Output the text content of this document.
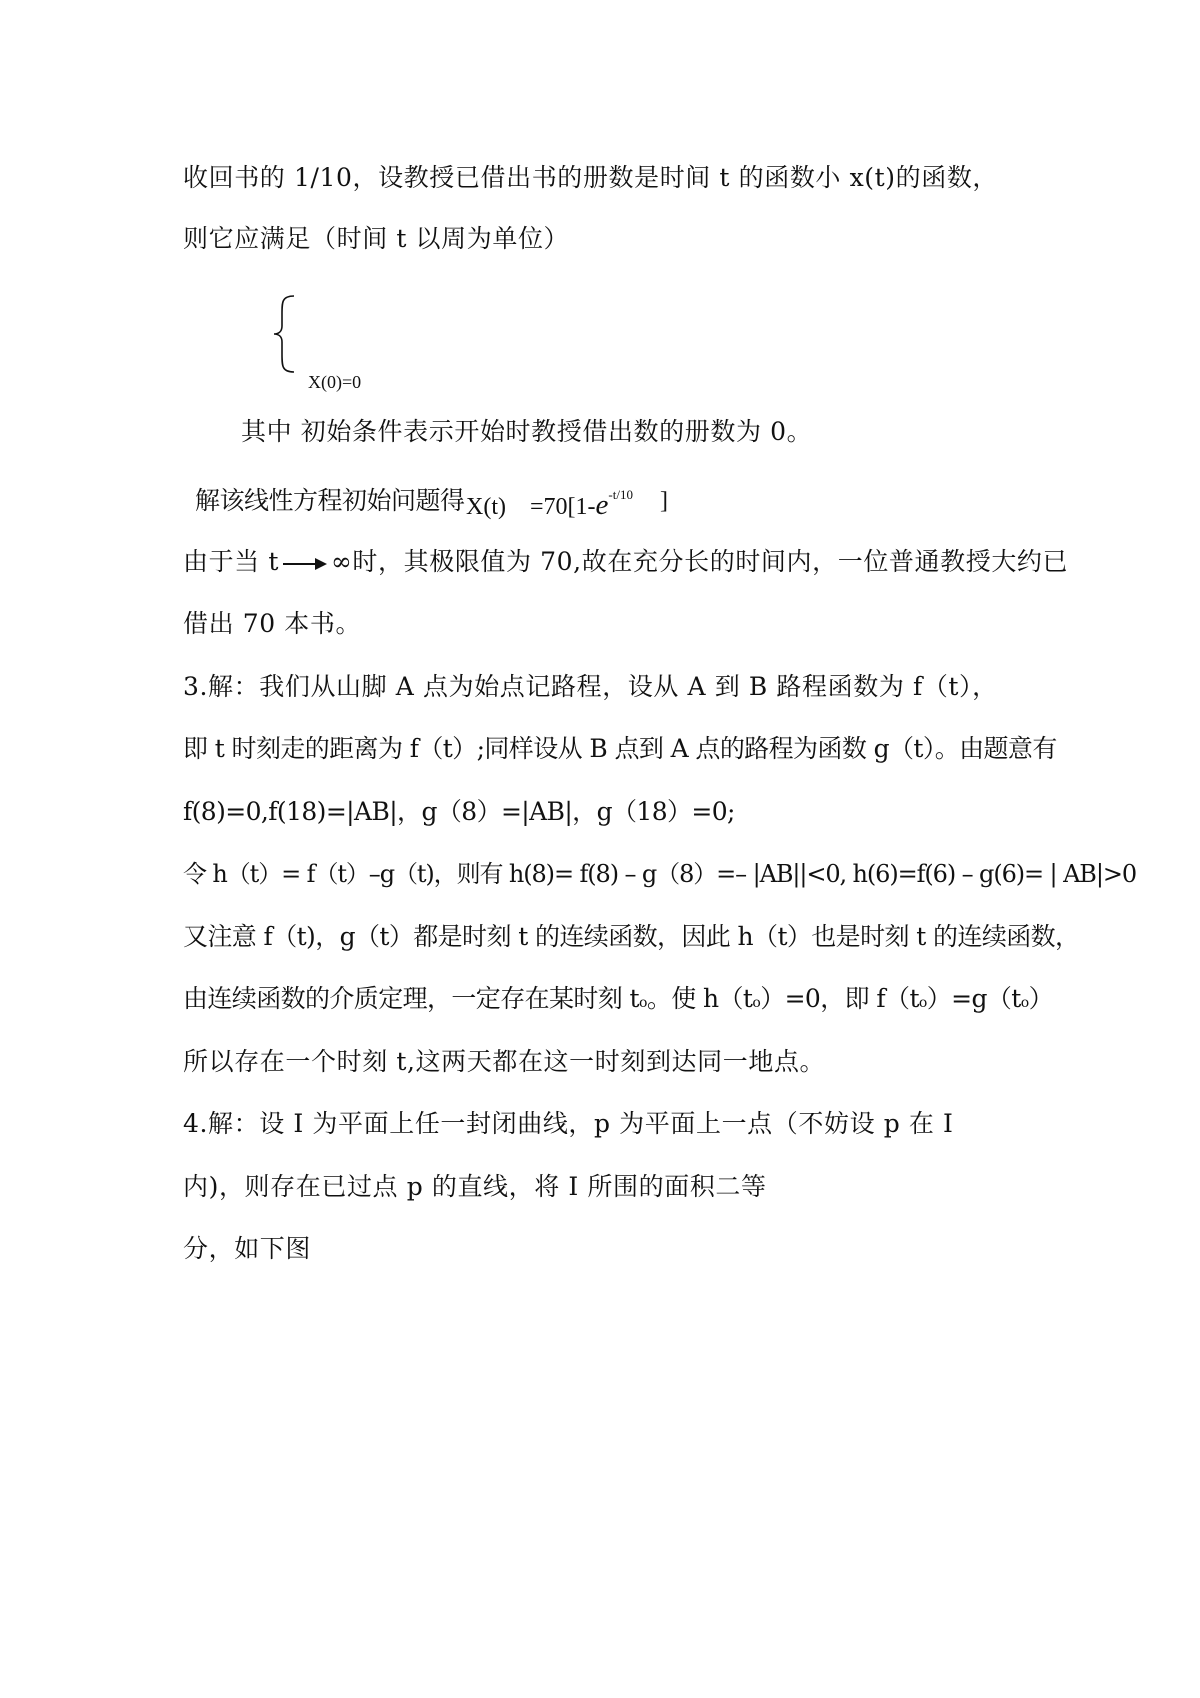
收回书的 1/10，设教授已借出书的册数是时间 t 的函数小 x(t)的函数，
则它应满足（时间 t 以周为单位）
X(0)=0
其中 初始条件表示开始时教授借出数的册数为 0。
解该线性方程初始问题得 $X(t) =70[1-e^{-t/10}$ ]
由于当 t ∞时，其极限值为 70,故在充分长的时间内，一位普通教授大约已
借出 70 本书。
3.解：我们从山脚 A 点为始点记路程，设从 A 到 B 路程函数为 f（t），
即 t 时刻走的距离为 f（t）;同样设从 B 点到 A 点的路程为函数 g（t）。由题意有
f(8)=0,f(18)=|AB|，g（8）=|AB|，g（18）=0;
令 h（t）= f（t）–g（t)，则有 h(8)= f(8) – g（8）=– |AB||<0, h(6)=f(6) – g(6)= | AB|>0
又注意 f（t)，g（t）都是时刻 t 的连续函数，因此 h（t）也是时刻 t 的连续函数，
由连续函数的介质定理，一定存在某时刻 to。使 h（to）=0，即 f（to）=g（to）
所以存在一个时刻 t,这两天都在这一时刻到达同一地点。
4.解：设 I 为平面上任一封闭曲线，p 为平面上一点（不妨设 p 在 I
内)，则存在已过点 p 的直线，将 I 所围的面积二等
分，如下图
